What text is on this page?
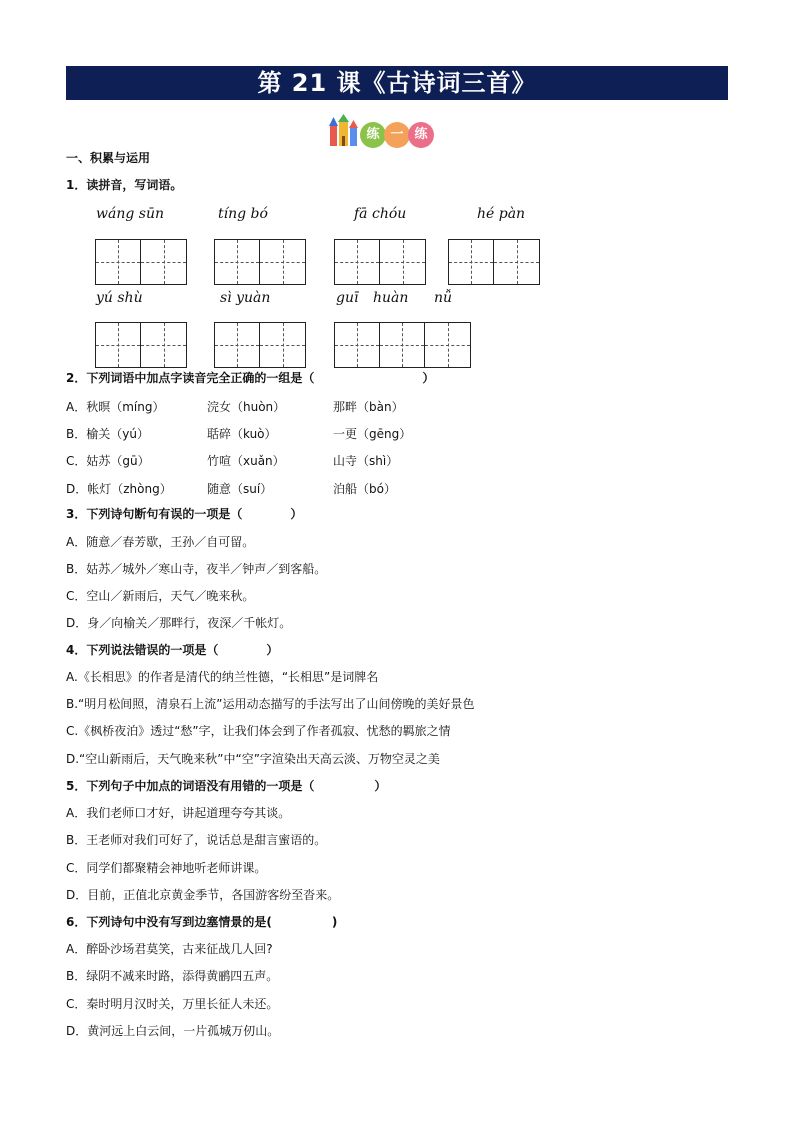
第 21 课《古诗词三首》
练 一 练
一、积累与运用
1．读拼音，写词语。
wáng sūn	tíng bó	fā chóu	hé pàn
yú shù	sì yuàn	guī huàn nǚ
2．下列词语中加点字读音完全正确的一组是（　　　　　　　　　）
A．秋暝（míng）	浣女（huòn）	那畔（bàn）
B．榆关（yú）	聒碎（kuò）	一更（gēng）
C．姑苏（gū）	竹喧（xuǎn）	山寺（shì）
D．帐灯（zhòng）	随意（suí）	泊船（bó）
3．下列诗句断句有误的一项是（　　　　）
A．随意／春芳歇，王孙／自可留。
B．姑苏／城外／寒山寺，夜半／钟声／到客船。
C．空山／新雨后，天气／晚来秋。
D．身／向榆关／那畔行，夜深／千帐灯。
4．下列说法错误的一项是（　　　　）
A.《长相思》的作者是清代的纳兰性德，“长相思”是词牌名
B.“明月松间照，清泉石上流”运用动态描写的手法写出了山间傍晚的美好景色
C.《枫桥夜泊》透过“愁”字，让我们体会到了作者孤寂、忧愁的羁旅之情
D.“空山新雨后，天气晚来秋”中“空”字渲染出天高云淡、万物空灵之美
5．下列句子中加点的词语没有用错的一项是（　　　　　）
A．我们老师口才好，讲起道理夸夸其谈。
B．王老师对我们可好了，说话总是甜言蜜语的。
C．同学们都聚精会神地听老师讲课。
D．目前，正值北京黄金季节，各国游客纷至沓来。
6．下列诗句中没有写到边塞情景的是(　　　　　)
A．醉卧沙场君莫笑，古来征战几人回?
B．绿阴不减来时路，添得黄鹂四五声。
C．秦时明月汉时关，万里长征人未还。
D．黄河远上白云间，一片孤城万仞山。
